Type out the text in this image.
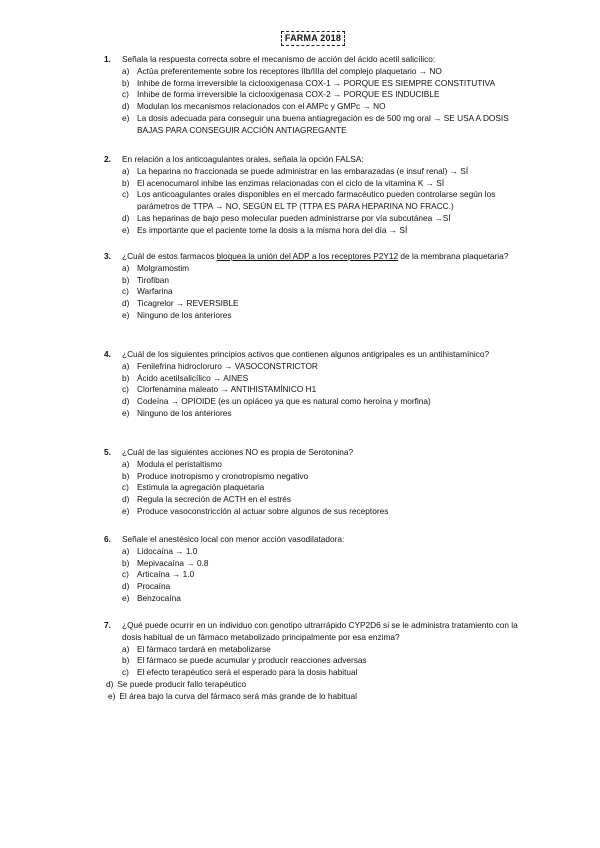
FARMA 2018
1.	Señala la respuesta correcta sobre el mecanismo de acción del ácido acetil salicílico:
a) Actúa preferentemente sobre los receptores IIb/IIIa del complejo plaquetario → NO
b) Inhibe de forma irreversible la ciclooxigenasa COX-1 → PORQUE ES SIEMPRE CONSTITUTIVA
c) Inhibe de forma irreversible la ciclooxigenasa COX-2 → PORQUE ES INDUCIBLE
d) Modulan los mecanismos relacionados con el AMPc y GMPc → NO
e) La dosis adecuada para conseguir una buena antiagregación es de 500 mg oral → SE USA A DOSIS BAJAS PARA CONSEGUIR ACCIÓN ANTIAGREGANTE
2.	En relación a los anticoagulantes orales, señala la opción FALSA:
a) La heparina no fraccionada se puede administrar en las embarazadas (e insuf renal) → SÍ
b) El acenocumarol inhibe las enzimas relacionadas con el ciclo de la vitamina K → SÍ
c) Los anticoagulantes orales disponibles en el mercado farmacéutico pueden controlarse según los parámetros de TTPA → NO, SEGÚN EL TP (TTPA ES PARA HEPARINA NO FRACC.)
d) Las heparinas de bajo peso molecular pueden administrarse por vía subcutánea →SÍ
e) Es importante que el paciente tome la dosis a la misma hora del día → SÍ
3.	¿Cuál de estos farmacos bloquea la unión del ADP a los receptores P2Y12 de la membrana plaquetaria?
a) Molgramostim
b) Tirofiban
c) Warfarina
d) Ticagrelor → REVERSIBLE
e) Ninguno de los anteriores
4.	¿Cuál de los siguientes principios activos que contienen algunos antigripales es un antihistamínico?
a) Fenilefrina hidrocloruro → VASOCONSTRICTOR
b) Ácido acetilsalicílico → AINES
c) Clorfenamina maleato → ANTIHISTAMÍNICO H1
d) Codeína → OPIOIDE (es un opiáceo ya que es natural como heroína y morfina)
e) Ninguno de los anteriores
5.	¿Cuál de las siguientes acciones NO es propia de Serotonina?
a) Modula el peristaltismo
b) Produce inotropismo y cronotropismo negativo
c) Estimula la agregación plaquetaria
d) Regula la secreción de ACTH en el estrés
e) Produce vasoconstricción al actuar sobre algunos de sus receptores
6.	Señale el anestésico local con menor acción vasodilatadora:
a) Lidocaína → 1.0
b) Mepivacaína → 0.8
c) Articaína → 1.0
d) Procaína
e) Benzocaína
7.	¿Qué puede ocurrir en un individuo con genotipo ultrarrápido CYP2D6 si se le administra tratamiento con la dosis habitual de un fármaco metabolizado principalmente por esa enzima?
a) El fármaco tardará en metabolizarse
b) El fármaco se puede acumular y producir reacciones adversas
c) El efecto terapéutico será el esperado para la dosis habitual
d) Se puede producir fallo terapéutico
e) El área bajo la curva del fármaco será más grande de lo habitual
